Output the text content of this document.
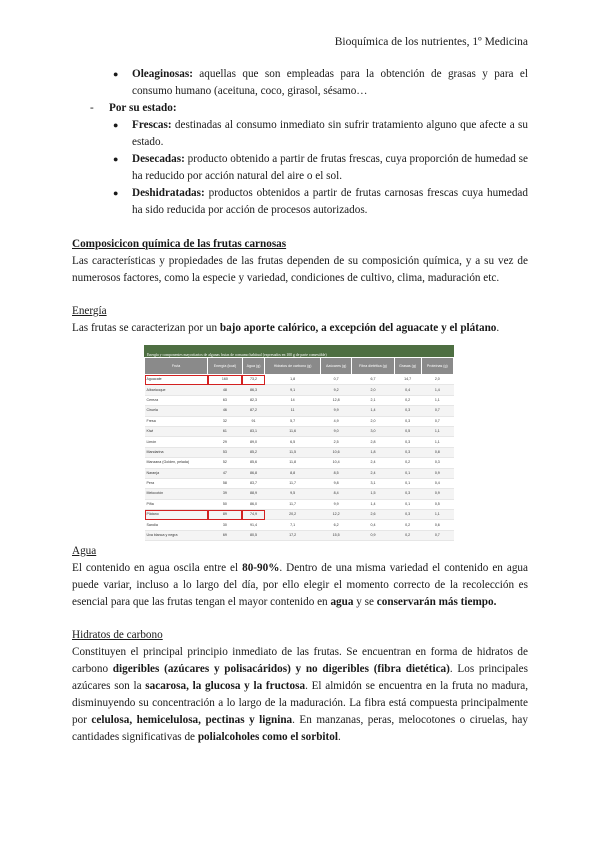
Bioquímica de los nutrientes, 1º Medicina
● Oleaginosas: aquellas que son empleadas para la obtención de grasas y para el consumo humano (aceituna, coco, girasol, sésamo…
- Por su estado:
● Frescas: destinadas al consumo inmediato sin sufrir tratamiento alguno que afecte a su estado.
● Desecadas: producto obtenido a partir de frutas frescas, cuya proporción de humedad se ha reducido por acción natural del aire o el sol.
● Deshidratadas: productos obtenidos a partir de frutas carnosas frescas cuya humedad ha sido reducida por acción de procesos autorizados.
Composicicon química de las frutas carnosas

Las características y propiedades de las frutas dependen de su composición química, y a su vez de numerosos factores, como la especie y variedad, condiciones de cultivo, clima, maduración etc.

Energía

Las frutas se caracterizan por un bajo aporte calórico, a excepción del aguacate y el plátano.

Energía y componentes mayoritarios de algunas frutas de consumo habitual (expresados en 100 g de parte comestible)
Fruta	Energía (kcal)	Agua (g)	Hidratos de carbono (g)	Azúcares (g)	Fibra dietética (g)	Grasas (g)	Proteínas (g)
Aguacate	160	73,2	1,8	0,7	6,7	14,7	2,0
Albaricoque	48	86,3	9,1	9,2	2,0	0,4	1,4
Cereza	63	82,3	14	12,8	2,1	0,2	1,1
Ciruela	46	87,2	11	9,9	1,4	0,3	0,7
Fresa	32	91	5,7	4,9	2,0	0,3	0,7
Kiwi	61	83,1	11,6	9,0	3,0	0,5	1,1
Limón	29	89,0	6,5	2,5	2,8	0,3	1,1
Mandarina	53	85,2	11,5	10,6	1,8	0,3	0,8
Manzana (Golden, pelada)	52	85,6	11,8	10,4	2,4	0,2	0,3
Naranja	47	86,8	8,8	8,5	2,4	0,1	0,9
Pera	58	83,7	11,7	9,8	3,1	0,1	0,4
Melocotón	39	88,9	9,5	8,4	1,5	0,3	0,9
Piña	50	86,0	11,7	9,9	1,4	0,1	0,5
Plátano	89	74,9	20,2	12,2	2,6	0,3	1,1
Sandía	30	91,4	7,1	6,2	0,4	0,2	0,6
Uva blanca y negra	69	80,5	17,2	15,5	0,9	0,2	0,7
Agua

El contenido en agua oscila entre el 80-90%. Dentro de una misma variedad el contenido en agua puede variar, incluso a lo largo del día, por ello elegir el momento correcto de la recolección es esencial para que las frutas tengan el mayor contenido en agua y se conservarán más tiempo.

Hidratos de carbono

Constituyen el principal principio inmediato de las frutas. Se encuentran en forma de hidratos de carbono digeribles (azúcares y polisacáridos) y no digeribles (fibra dietética). Los principales azúcares son la sacarosa, la glucosa y la fructosa. El almidón se encuentra en la fruta no madura, disminuyendo su concentración a lo largo de la maduración. La fibra está compuesta principalmente por celulosa, hemicelulosa, pectinas y lignina. En manzanas, peras, melocotones o ciruelas, hay cantidades significativas de polialcoholes como el sorbitol.
